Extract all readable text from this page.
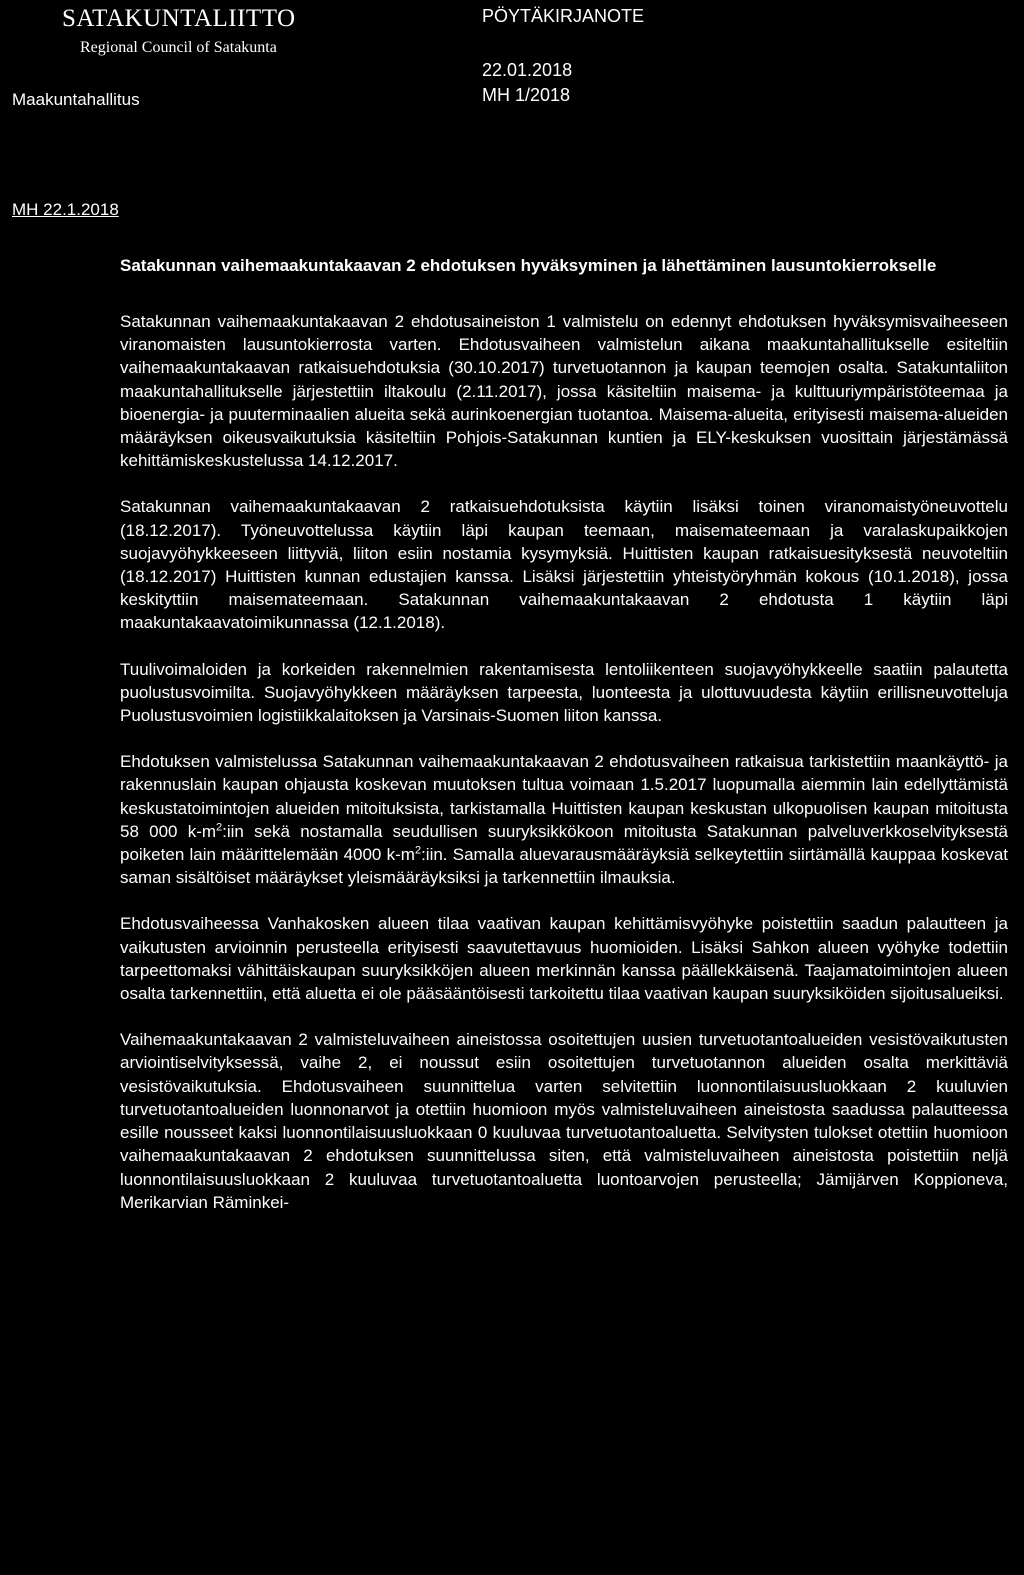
SATAKUNTALIITTO
Regional Council of Satakunta
Maakuntahallitus
PÖYTÄKIRJANOTE
22.01.2018
MH 1/2018
MH 22.1.2018

Satakunnan vaihemaakuntakaavan 2 ehdotuksen hyväksyminen ja lähettäminen lausuntokierrokselle

Satakunnan vaihemaakuntakaavan 2 ehdotusaineiston 1 valmistelu on edennyt ehdotuksen hyväksymisvaiheeseen viranomaisten lausuntokierrosta varten. Ehdotusvaiheen valmistelun aikana maakuntahallitukselle esiteltiin vaihemaakuntakaavan ratkaisuehdotuksia (30.10.2017) turvetuotannon ja kaupan teemojen osalta. Satakuntaliiton maakuntahallitukselle järjestettiin iltakoulu (2.11.2017), jossa käsiteltiin maisema- ja kulttuuriympäristöteemaa ja bioenergia- ja puuterminaalien alueita sekä aurinkoenergian tuotantoa. Maisema-alueita, erityisesti maisema-alueiden määräyksen oikeusvaikutuksia käsiteltiin Pohjois-Satakunnan kuntien ja ELY-keskuksen vuosittain järjestämässä kehittämiskeskustelussa 14.12.2017.

Satakunnan vaihemaakuntakaavan 2 ratkaisuehdotuksista käytiin lisäksi toinen viranomaistyöneuvottelu (18.12.2017). Työneuvottelussa käytiin läpi kaupan teemaan, maisemateemaan ja varalaskupaikkojen suojavyöhykkeeseen liittyviä, liiton esiin nostamia kysymyksiä. Huittisten kaupan ratkaisuesityksestä neuvoteltiin (18.12.2017) Huittisten kunnan edustajien kanssa. Lisäksi järjestettiin yhteistyöryhmän kokous (10.1.2018), jossa keskityttiin maisemateemaan. Satakunnan vaihemaakuntakaavan 2 ehdotusta 1 käytiin läpi maakuntakaavatoimikunnassa (12.1.2018).

Tuulivoimaloiden ja korkeiden rakennelmien rakentamisesta lentoliikenteen suojavyöhykkeelle saatiin palautetta puolustusvoimilta. Suojavyöhykkeen määräyksen tarpeesta, luonteesta ja ulottuvuudesta käytiin erillisneuvotteluja Puolustusvoimien logistiikkalaitoksen ja Varsinais-Suomen liiton kanssa.

Ehdotuksen valmistelussa Satakunnan vaihemaakuntakaavan 2 ehdotusvaiheen ratkaisua tarkistettiin maankäyttö- ja rakennuslain kaupan ohjausta koskevan muutoksen tultua voimaan 1.5.2017 luopumalla aiemmin lain edellyttämistä keskustatoimintojen alueiden mitoituksista, tarkistamalla Huittisten kaupan keskustan ulkopuolisen kaupan mitoitusta 58 000 $k-m^2:iin$ sekä nostamalla seudullisen suuryksikkökoon mitoitusta Satakunnan palveluverkkoselvityksestä poiketen lain määrittelemään 4000 $k-m^2:iin$. Samalla aluevarausmääräyksiä selkeytettiin siirtämällä kauppaa koskevat saman sisältöiset määräykset yleismääräyksiksi ja tarkennettiin ilmauksia.

Ehdotusvaiheessa Vanhakosken alueen tilaa vaativan kaupan kehittämisvyöhyke poistettiin saadun palautteen ja vaikutusten arvioinnin perusteella erityisesti saavutettavuus huomioiden. Lisäksi Sahkon alueen vyöhyke todettiin tarpeettomaksi vähittäiskaupan suuryksikköjen alueen merkinnän kanssa päällekkäisenä. Taajamatoimintojen alueen osalta tarkennettiin, että aluetta ei ole pääsääntöisesti tarkoitettu tilaa vaativan kaupan suuryksiköiden sijoitusalueiksi.

Vaihemaakuntakaavan 2 valmisteluvaiheen aineistossa osoitettujen uusien turvetuotantoalueiden vesistövaikutusten arviointiselvityksessä, vaihe 2, ei noussut esiin osoitettujen turvetuotannon alueiden osalta merkittäviä vesistövaikutuksia. Ehdotusvaiheen suunnittelua varten selvitettiin luonnontilaisuusluokkaan 2 kuuluvien turvetuotantoalueiden luonnonarvot ja otettiin huomioon myös valmisteluvaiheen aineistosta saadussa palautteessa esille nousseet kaksi luonnontilaisuusluokkaan 0 kuuluvaa turvetuotantoaluetta. Selvitysten tulokset otettiin huomioon vaihemaakuntakaavan 2 ehdotuksen suunnittelussa siten, että valmisteluvaiheen aineistosta poistettiin neljä luonnontilaisuusluokkaan 2 kuuluvaa turvetuotantoaluetta luontoarvojen perusteella; Jämijärven Koppioneva, Merikarvian Räminkei-
